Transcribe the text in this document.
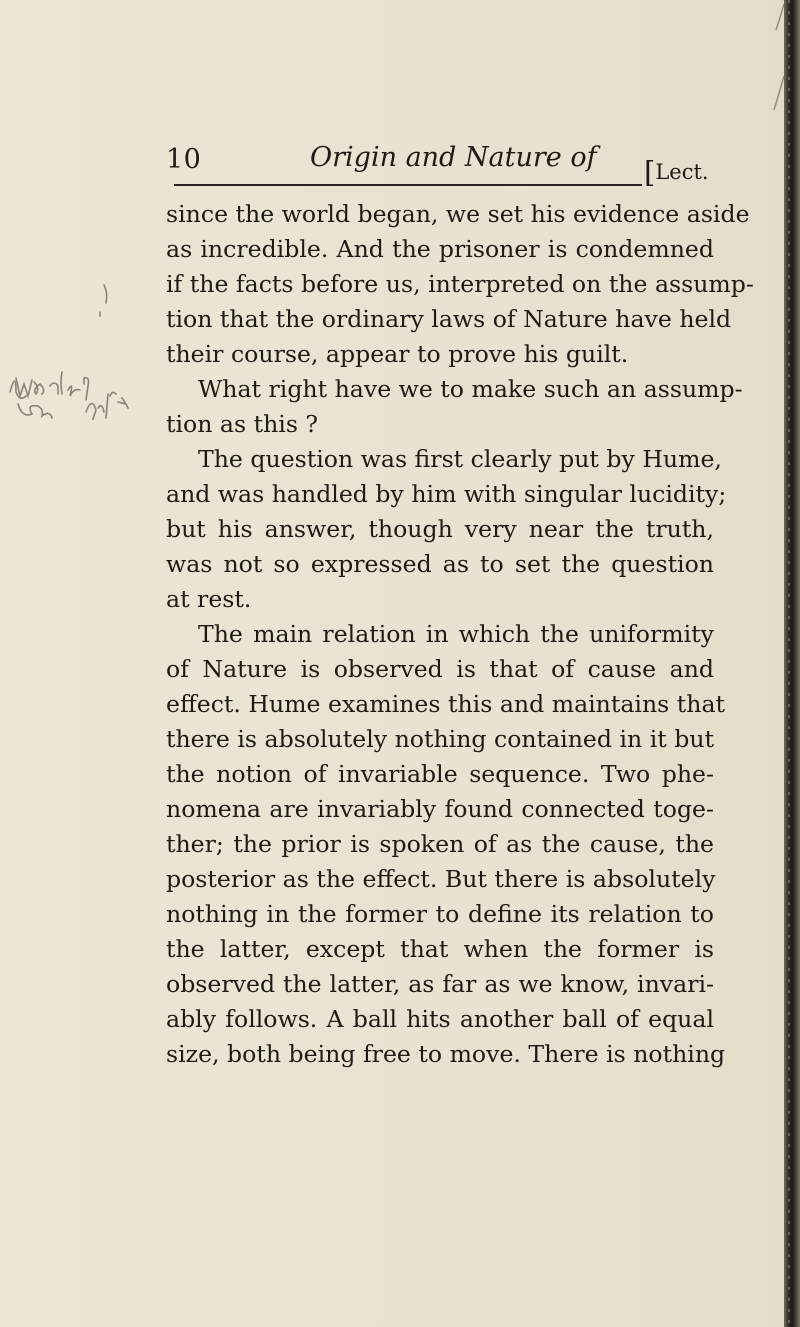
10	Origin and Nature of [Lect.
since the world began, we set his evidence aside
as incredible. And the prisoner is condemned
if the facts before us, interpreted on the assump-
tion that the ordinary laws of Nature have held
their course, appear to prove his guilt.
What right have we to make such an assump-
tion as this ?
The question was first clearly put by Hume,
and was handled by him with singular lucidity;
but his answer, though very near the truth,
was not so expressed as to set the question
at rest.
The main relation in which the uniformity
of Nature is observed is that of cause and
effect. Hume examines this and maintains that
there is absolutely nothing contained in it but
the notion of invariable sequence. Two phe-
nomena are invariably found connected toge-
ther; the prior is spoken of as the cause, the
posterior as the effect. But there is absolutely
nothing in the former to define its relation to
the latter, except that when the former is
observed the latter, as far as we know, invari-
ably follows. A ball hits another ball of equal
size, both being free to move. There is nothing
